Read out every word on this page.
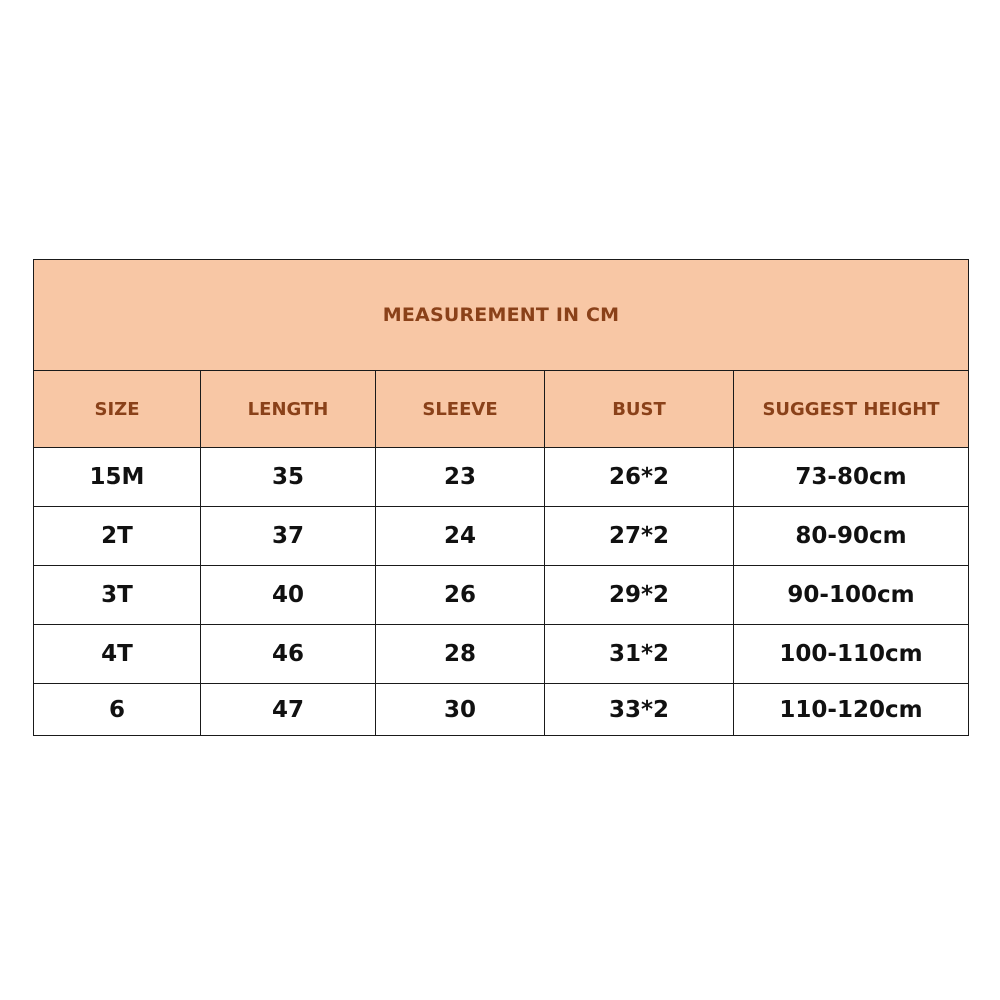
MEASUREMENT IN CM				
SIZE	LENGTH	SLEEVE	BUST	SUGGEST HEIGHT
15M	35	23	26*2	73-80cm
2T	37	24	27*2	80-90cm
3T	40	26	29*2	90-100cm
4T	46	28	31*2	100-110cm
6	47	30	33*2	110-120cm
